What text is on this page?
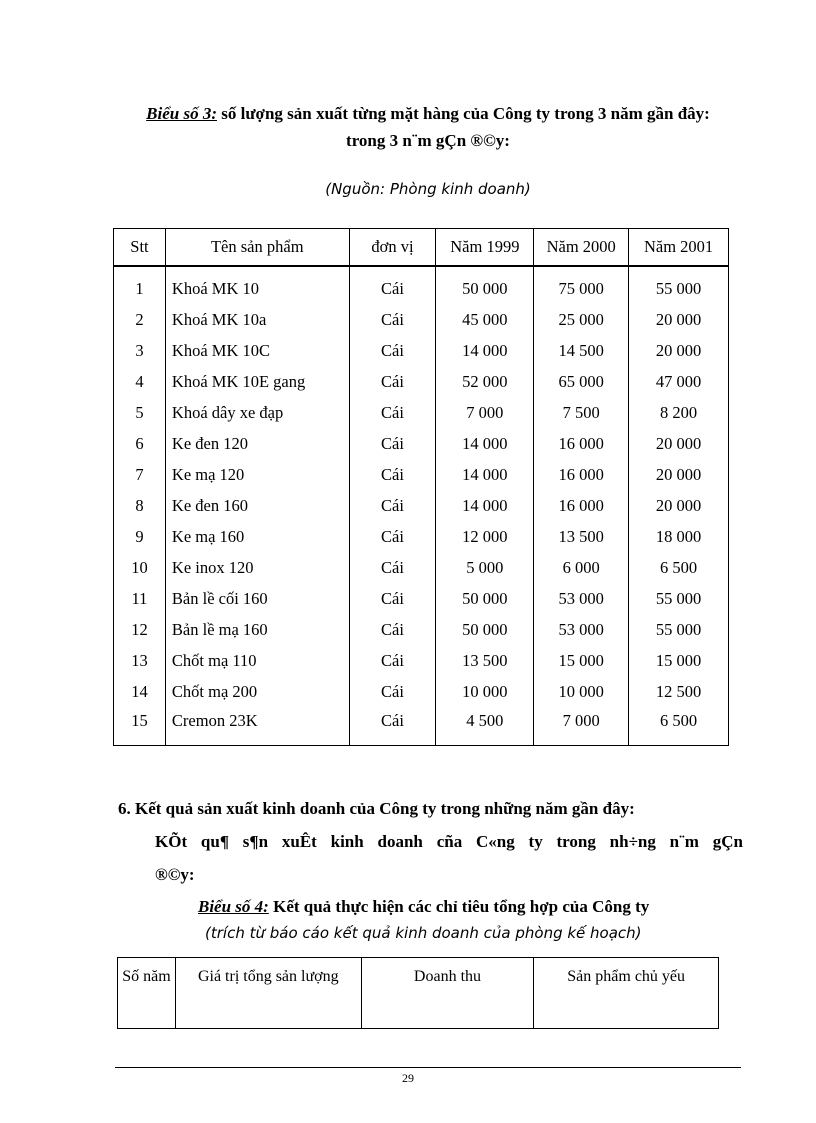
Biểu số 3: số lượng sản xuất từng mặt hàng của Công ty trong 3 năm gần đây:
trong 3 n¨m gÇn ®©y:
(Nguồn: Phòng kinh doanh)
Stt	Tên sản phẩm	đơn vị	Năm 1999	Năm 2000	Năm 2001
1	Khoá MK 10	Cái	50 000	75 000	55 000
2	Khoá MK 10a	Cái	45 000	25 000	20 000
3	Khoá MK 10C	Cái	14 000	14 500	20 000
4	Khoá MK 10E gang	Cái	52 000	65 000	47 000
5	Khoá dây xe đạp	Cái	7 000	7 500	8 200
6	Ke đen 120	Cái	14 000	16 000	20 000
7	Ke mạ 120	Cái	14 000	16 000	20 000
8	Ke đen 160	Cái	14 000	16 000	20 000
9	Ke mạ 160	Cái	12 000	13 500	18 000
10	Ke inox 120	Cái	5 000	6 000	6 500
11	Bản lề cối 160	Cái	50 000	53 000	55 000
12	Bản lề mạ 160	Cái	50 000	53 000	55 000
13	Chốt mạ 110	Cái	13 500	15 000	15 000
14	Chốt mạ 200	Cái	10 000	10 000	12 500
15	Cremon 23K	Cái	4 500	7 000	6 500
6. Kết quả sản xuất kinh doanh của Công ty trong những năm gần đây:
KÕt qu¶ s¶n xuÊt kinh doanh cña C«ng ty trong nh÷ng n¨m gÇn
®©y:
Biểu số 4: Kết quả thực hiện các chỉ tiêu tổng hợp của Công ty
(trích từ báo cáo kết quả kinh doanh của phòng kế hoạch)
Số năm	Giá trị tổng sản lượng	Doanh thu	Sản phẩm chủ yếu
29
